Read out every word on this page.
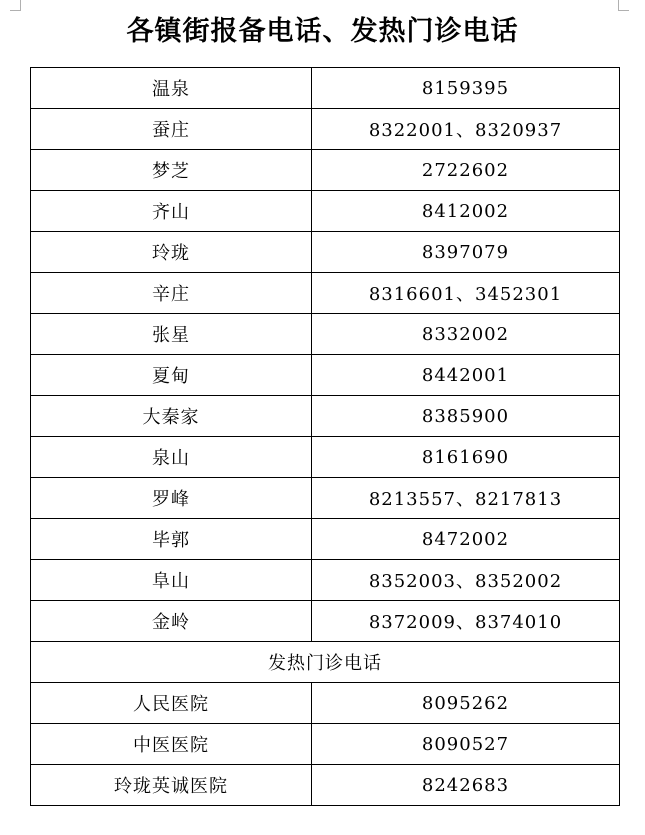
各镇街报备电话、发热门诊电话
温泉	8159395
蚕庄	8322001、8320937
梦芝	2722602
齐山	8412002
玲珑	8397079
辛庄	8316601、3452301
张星	8332002
夏甸	8442001
大秦家	8385900
泉山	8161690
罗峰	8213557、8217813
毕郭	8472002
阜山	8352003、8352002
金岭	8372009、8374010
发热门诊电话	
人民医院	8095262
中医医院	8090527
玲珑英诚医院	8242683
